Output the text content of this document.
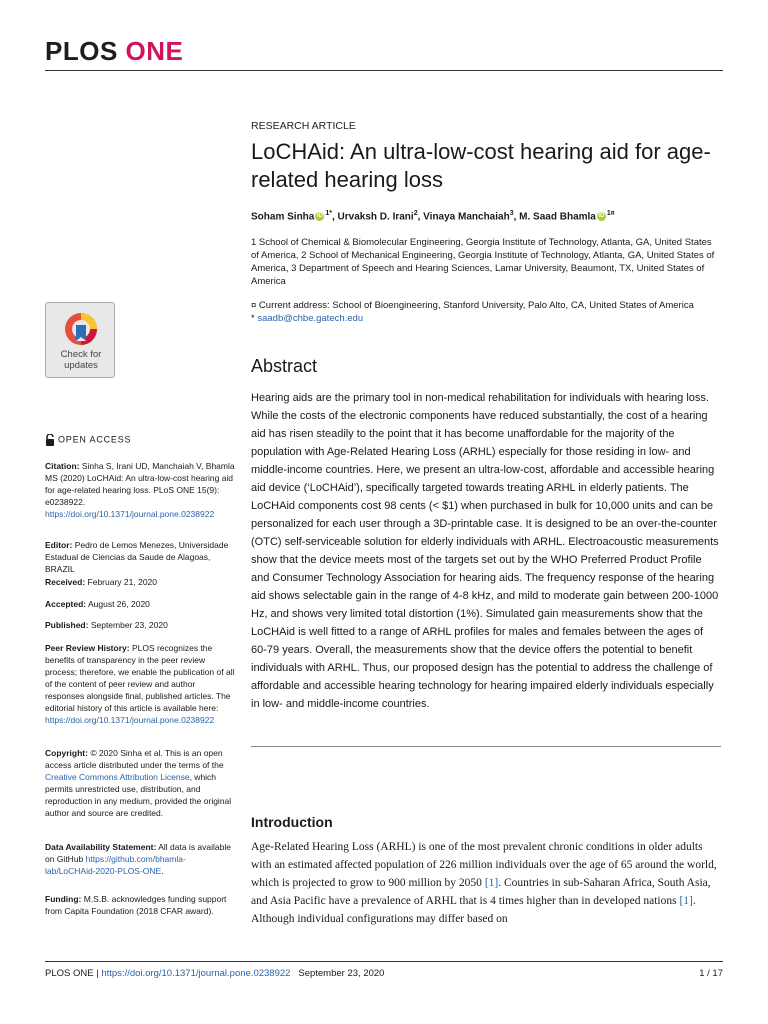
PLOS ONE
RESEARCH ARTICLE
LoCHAid: An ultra-low-cost hearing aid for age-related hearing loss
Soham Sinha iD $^{1*}$, Urvaksh D. Irani$^2$, Vinaya Manchaiah$^3$, M. Saad Bhamla iD $^{1¤}$
1 School of Chemical & Biomolecular Engineering, Georgia Institute of Technology, Atlanta, GA, United States of America, 2 School of Mechanical Engineering, Georgia Institute of Technology, Atlanta, GA, United States of America, 3 Department of Speech and Hearing Sciences, Lamar University, Beaumont, TX, United States of America
¤ Current address: School of Bioengineering, Stanford University, Palo Alto, CA, United States of America
* saadb@chbe.gatech.edu
Abstract
Hearing aids are the primary tool in non-medical rehabilitation for individuals with hearing loss. While the costs of the electronic components have reduced substantially, the cost of a hearing aid has risen steadily to the point that it has become unaffordable for the majority of the population with Age-Related Hearing Loss (ARHL) especially for those residing in low- and middle-income countries. Here, we present an ultra-low-cost, affordable and accessible hearing aid device (‘LoCHAid’), specifically targeted towards treating ARHL in elderly patients. The LoCHAid components cost 98 cents (< $1) when purchased in bulk for 10,000 units and can be personalized for each user through a 3D-printable case. It is designed to be an over-the-counter (OTC) self-serviceable solution for elderly individuals with ARHL. Electroacoustic measurements show that the device meets most of the targets set out by the WHO Preferred Product Profile and Consumer Technology Association for hearing aids. The frequency response of the hearing aid shows selectable gain in the range of 4-8 kHz, and mild to moderate gain between 200-1000 Hz, and shows very limited total distortion (1%). Simulated gain measurements show that the LoCHAid is well fitted to a range of ARHL profiles for males and females between the ages of 60-79 years. Overall, the measurements show that the device offers the potential to benefit individuals with ARHL. Thus, our proposed design has the potential to address the challenge of affordable and accessible hearing technology for hearing impaired elderly individuals especially in low- and middle-income countries.
Introduction
Age-Related Hearing Loss (ARHL) is one of the most prevalent chronic conditions in older adults with an estimated affected population of 226 million individuals over the age of 65 around the world, which is projected to grow to 900 million by 2050 [1]. Countries in sub-Saharan Africa, South Asia, and Asia Pacific have a prevalence of ARHL that is 4 times higher than in developed nations [1]. Although individual configurations may differ based on
Check for
updates
OPEN ACCESS
Citation: Sinha S, Irani UD, Manchaiah V, Bhamla MS (2020) LoCHAid: An ultra-low-cost hearing aid for age-related hearing loss. PLoS ONE 15(9): e0238922. https://doi.org/10.1371/journal.pone.0238922
Editor: Pedro de Lemos Menezes, Universidade Estadual de Ciencias da Saude de Alagoas, BRAZIL
Received: February 21, 2020
Accepted: August 26, 2020
Published: September 23, 2020
Peer Review History: PLOS recognizes the benefits of transparency in the peer review process; therefore, we enable the publication of all of the content of peer review and author responses alongside final, published articles. The editorial history of this article is available here: https://doi.org/10.1371/journal.pone.0238922
Copyright: © 2020 Sinha et al. This is an open access article distributed under the terms of the Creative Commons Attribution License, which permits unrestricted use, distribution, and reproduction in any medium, provided the original author and source are credited.
Data Availability Statement: All data is available on GitHub https://github.com/bhamla-lab/LoCHAid-2020-PLOS-ONE.
Funding: M.S.B. acknowledges funding support from Capita Foundation (2018 CFAR award).
PLOS ONE | https://doi.org/10.1371/journal.pone.0238922 September 23, 2020	1 / 17
